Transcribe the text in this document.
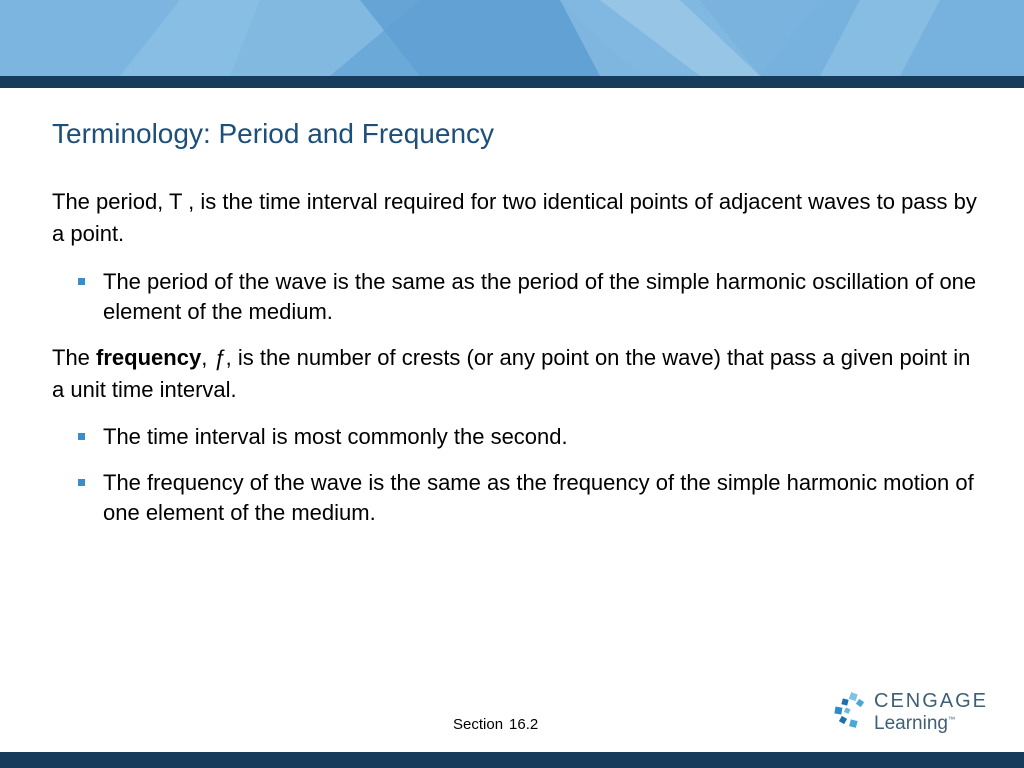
Terminology: Period and Frequency

The period, T , is the time interval required for two identical points of adjacent waves to pass by a point.

The period of the wave is the same as the period of the simple harmonic oscillation of one element of the medium.

The frequency, ƒ, is the number of crests (or any point on the wave) that pass a given point in a unit time interval.

The time interval is most commonly the second.
The frequency of the wave is the same as the frequency of the simple harmonic motion of one element of the medium.
Section 16.2
CENGAGE
Learning™
